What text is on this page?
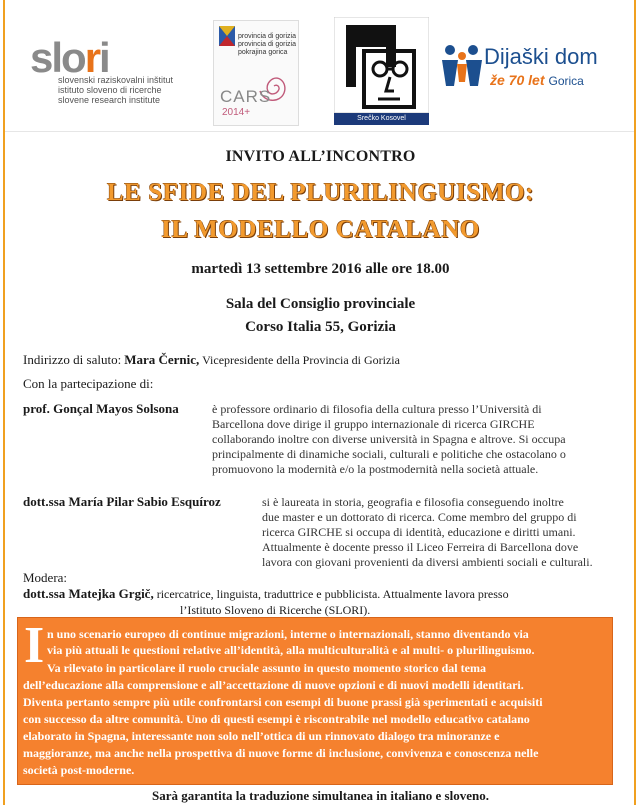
slori
slovenski raziskovalni inštitut
istituto sloveno di ricerche
slovene research institute
provincia di gorizia
provincia di gorizia
pokrajina gorica
CARS
2014+
Srečko Kosovel
Dijaški dom
že 70 let Gorica
INVITO ALL’INCONTRO
LE SFIDE DEL PLURILINGUISMO:
IL MODELLO CATALANO
martedì 13 settembre 2016 alle ore 18.00
Sala del Consiglio provinciale
Corso Italia 55, Gorizia
Indirizzo di saluto: Mara Černic, Vicepresidente della Provincia di Gorizia
Con la partecipazione di:
prof. Gonçal Mayos Solsona	è professore ordinario di filosofia della cultura presso l’Università di
Barcellona dove dirige il gruppo internazionale di ricerca GIRCHE
collaborando inoltre con diverse università in Spagna e altrove. Si occupa
principalmente di dinamiche sociali, culturali e politiche che ostacolano o
promuovono la modernità e/o la postmodernità nella società attuale.
dott.ssa María Pilar Sabio Esquíroz	si è laureata in storia, geografia e filosofia conseguendo inoltre
due master e un dottorato di ricerca. Come membro del gruppo di
ricerca GIRCHE si occupa di identità, educazione e diritti umani.
Attualmente è docente presso il Liceo Ferreira di Barcellona dove
lavora con giovani provenienti da diversi ambienti sociali e culturali.
Modera:
dott.ssa Matejka Grgič, ricercatrice, linguista, traduttrice e pubblicista. Attualmente lavora presso
l’Istituto Sloveno di Ricerche (SLORI).
I n uno scenario europeo di continue migrazioni, interne o internazionali, stanno diventando via
via più attuali le questioni relative all’identità, alla multiculturalità e al multi- o plurilinguismo.
Va rilevato in particolare il ruolo cruciale assunto in questo momento storico dal tema
dell’educazione alla comprensione e all’accettazione di nuove opzioni e di nuovi modelli identitari.
Diventa pertanto sempre più utile confrontarsi con esempi di buone prassi già sperimentati e acquisiti
con successo da altre comunità. Uno di questi esempi è riscontrabile nel modello educativo catalano
elaborato in Spagna, interessante non solo nell’ottica di un rinnovato dialogo tra minoranze e
maggioranze, ma anche nella prospettiva di nuove forme di inclusione, convivenza e conoscenza nelle
società post-moderne.
Sarà garantita la traduzione simultanea in italiano e sloveno.
